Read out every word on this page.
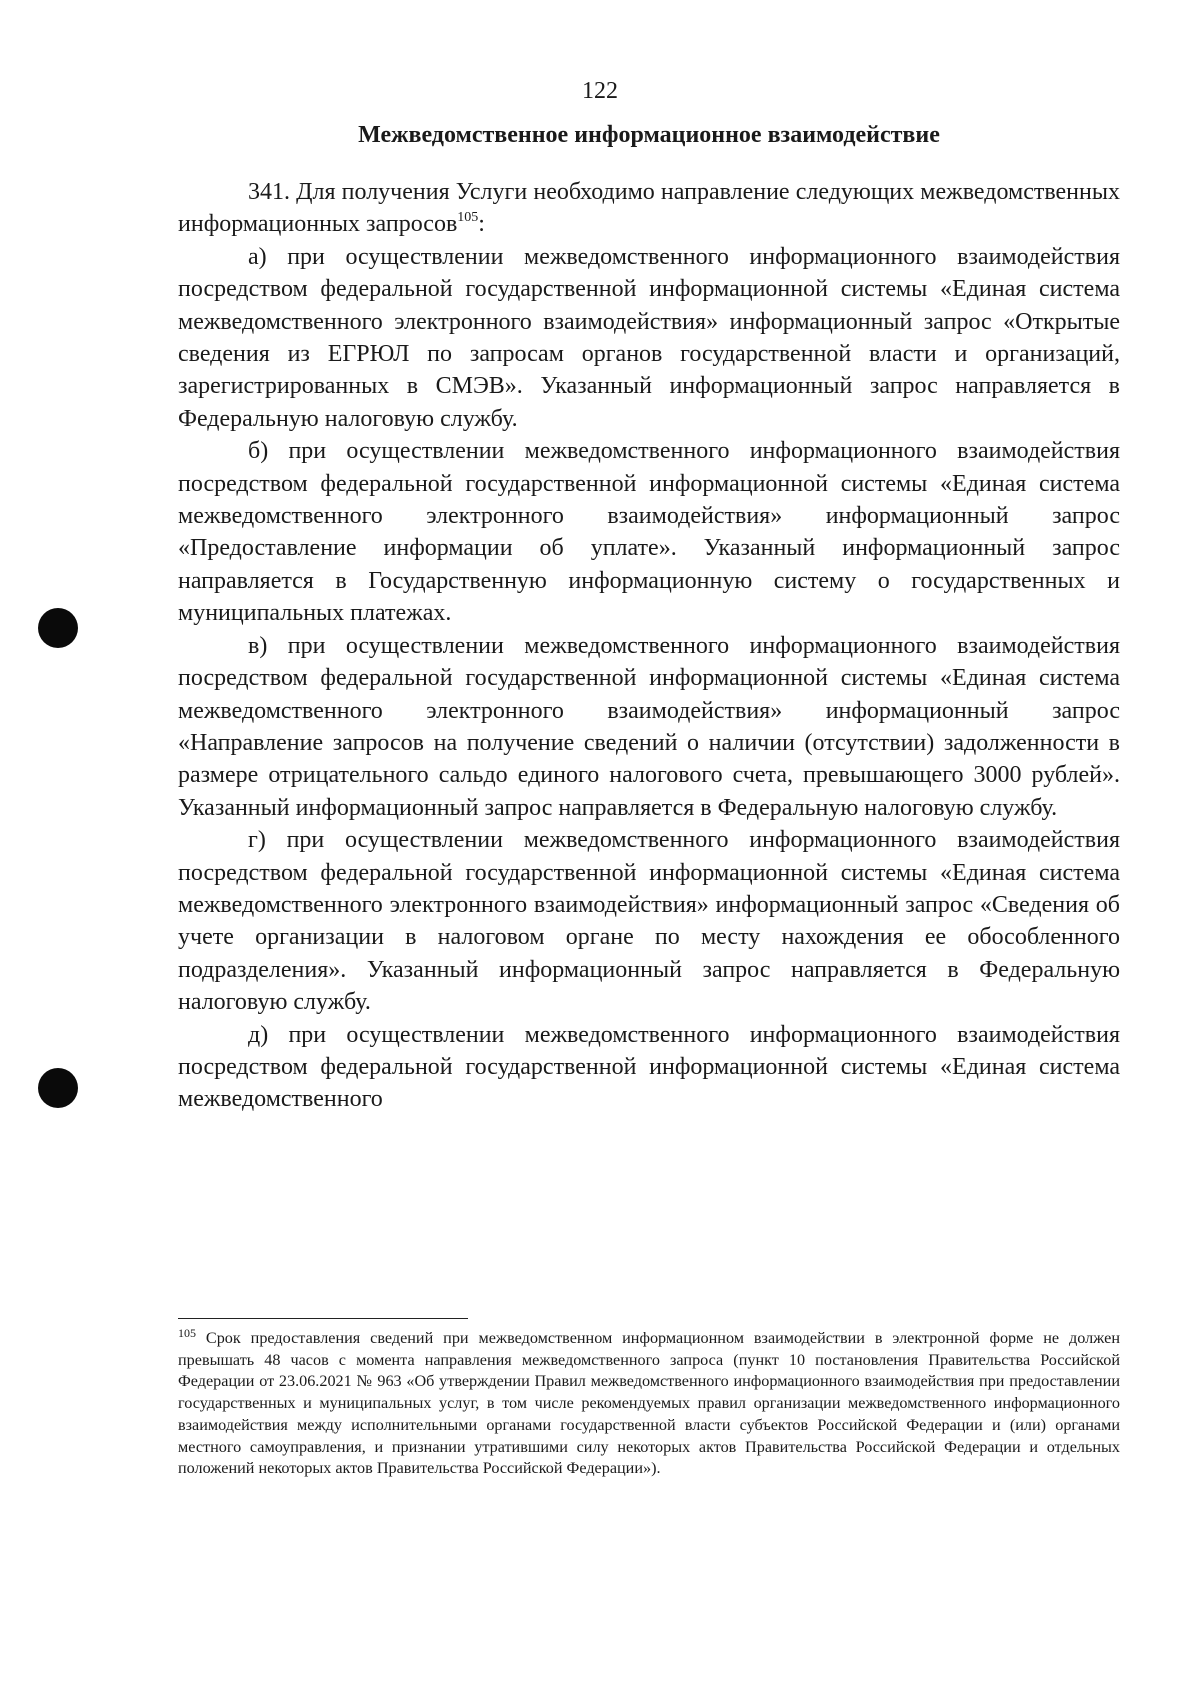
122
Межведомственное информационное взаимодействие

341. Для получения Услуги необходимо направление следующих межведомственных информационных запросов$^{105}$:

а) при осуществлении межведомственного информационного взаимодействия посредством федеральной государственной информационной системы «Единая система межведомственного электронного взаимодействия» информационный запрос «Открытые сведения из ЕГРЮЛ по запросам органов государственной власти и организаций, зарегистрированных в СМЭВ». Указанный информационный запрос направляется в Федеральную налоговую службу.

б) при осуществлении межведомственного информационного взаимодействия посредством федеральной государственной информационной системы «Единая система межведомственного электронного взаимодействия» информационный запрос «Предоставление информации об уплате». Указанный информационный запрос направляется в Государственную информационную систему о государственных и муниципальных платежах.

в) при осуществлении межведомственного информационного взаимодействия посредством федеральной государственной информационной системы «Единая система межведомственного электронного взаимодействия» информационный запрос «Направление запросов на получение сведений о наличии (отсутствии) задолженности в размере отрицательного сальдо единого налогового счета, превышающего 3000 рублей». Указанный информационный запрос направляется в Федеральную налоговую службу.

г) при осуществлении межведомственного информационного взаимодействия посредством федеральной государственной информационной системы «Единая система межведомственного электронного взаимодействия» информационный запрос «Сведения об учете организации в налоговом органе по месту нахождения ее обособленного подразделения». Указанный информационный запрос направляется в Федеральную налоговую службу.

д) при осуществлении межведомственного информационного взаимодействия посредством федеральной государственной информационной системы «Единая система межведомственного

$^{105}$ Срок предоставления сведений при межведомственном информационном взаимодействии в электронной форме не должен превышать 48 часов с момента направления межведомственного запроса (пункт 10 постановления Правительства Российской Федерации от 23.06.2021 № 963 «Об утверждении Правил межведомственного информационного взаимодействия при предоставлении государственных и муниципальных услуг, в том числе рекомендуемых правил организации межведомственного информационного взаимодействия между исполнительными органами государственной власти субъектов Российской Федерации и (или) органами местного самоуправления, и признании утратившими силу некоторых актов Правительства Российской Федерации и отдельных положений некоторых актов Правительства Российской Федерации»).
